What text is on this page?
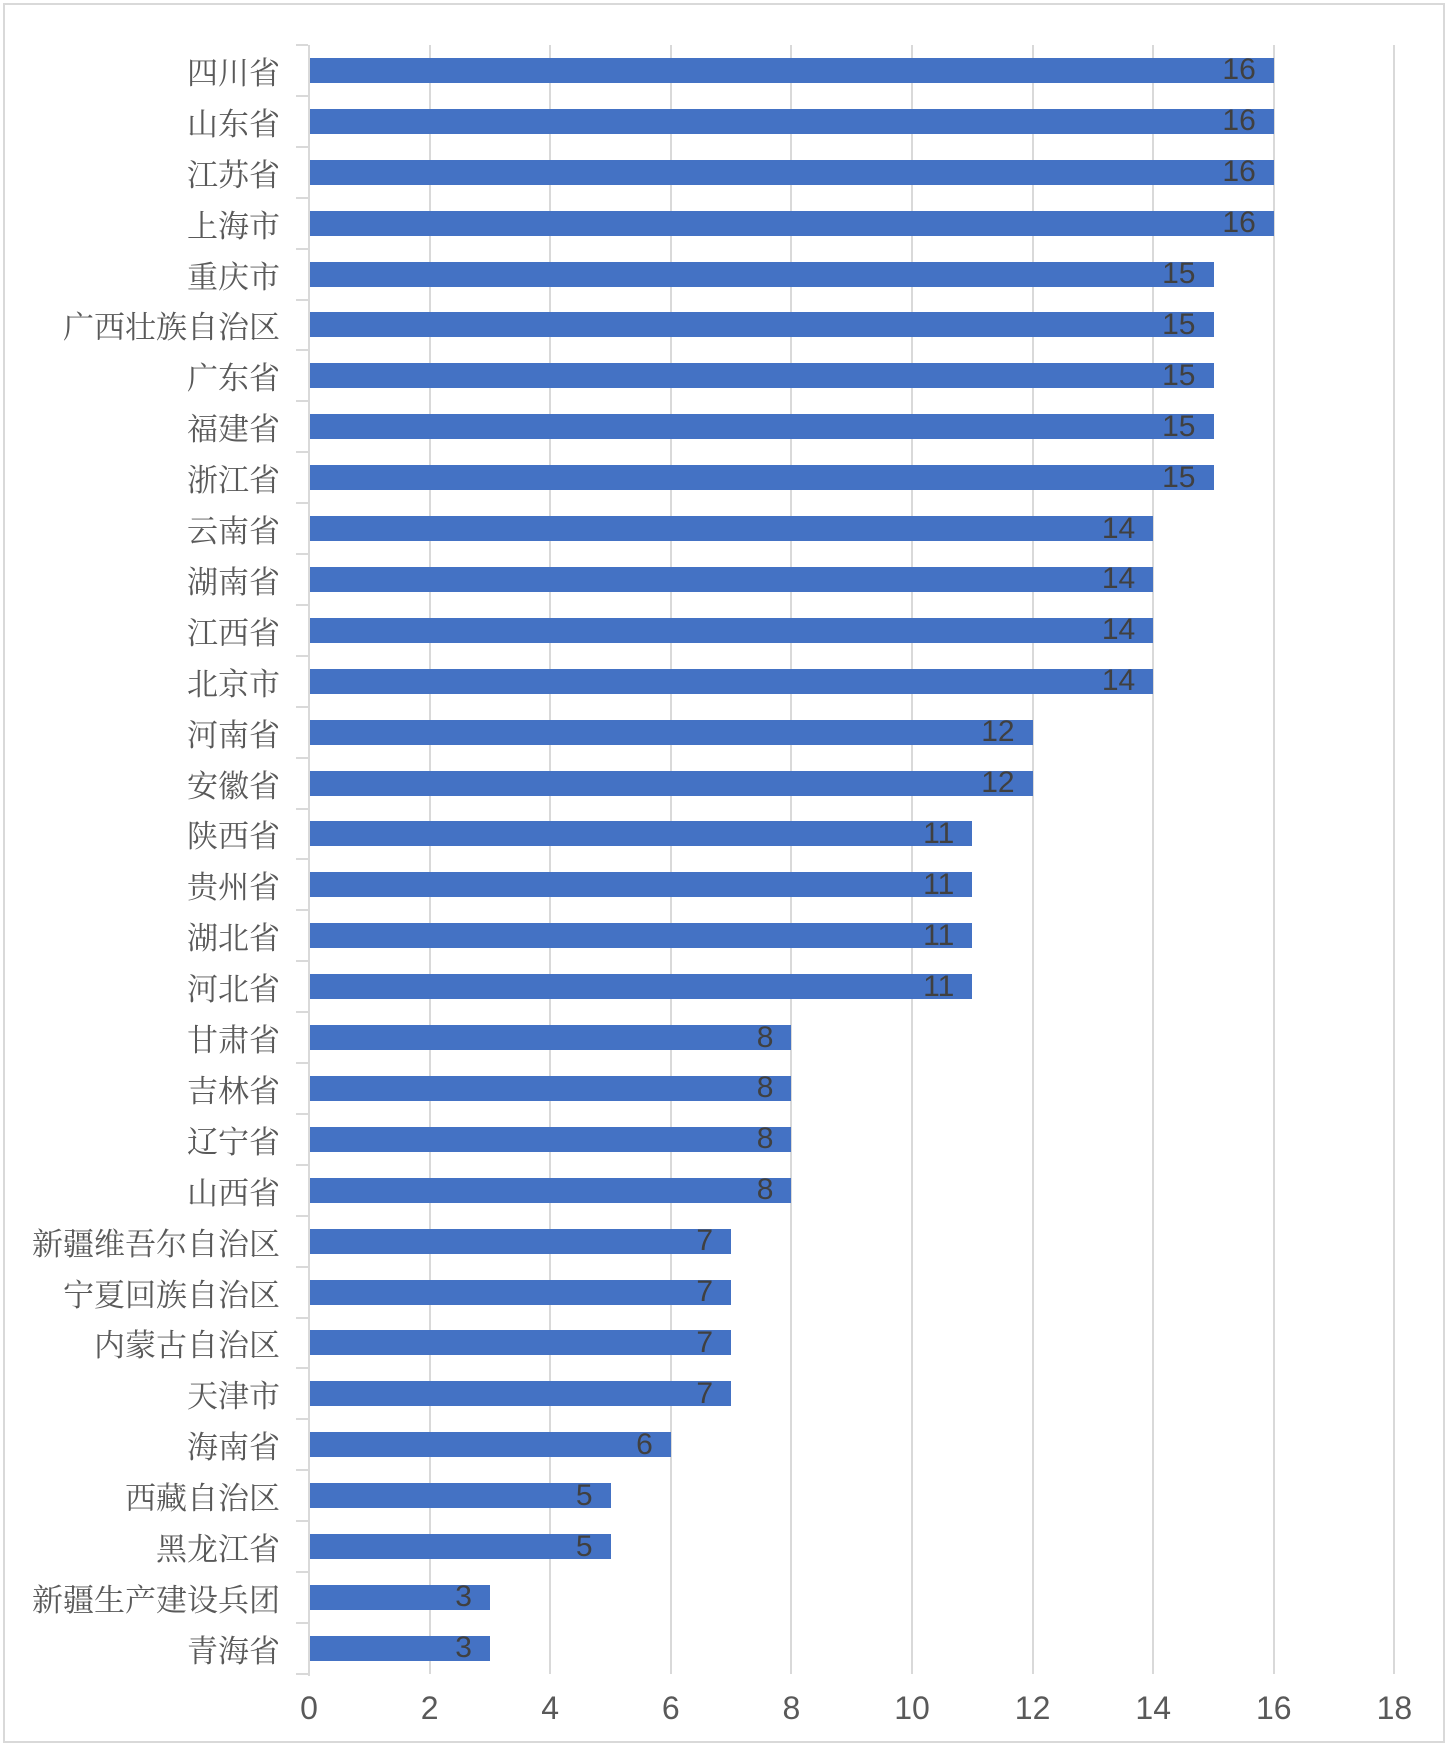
0	2	4	6	8	10	12	14	16	18
四川省	16
山东省	16
江苏省	16
上海市	16
重庆市	15
广西壮族自治区	15
广东省	15
福建省	15
浙江省	15
云南省	14
湖南省	14
江西省	14
北京市	14
河南省	12
安徽省	12
陕西省	11
贵州省	11
湖北省	11
河北省	11
甘肃省	8
吉林省	8
辽宁省	8
山西省	8
新疆维吾尔自治区	7
宁夏回族自治区	7
内蒙古自治区	7
天津市	7
海南省	6
西藏自治区	5
黑龙江省	5
新疆生产建设兵团	3
青海省	3
